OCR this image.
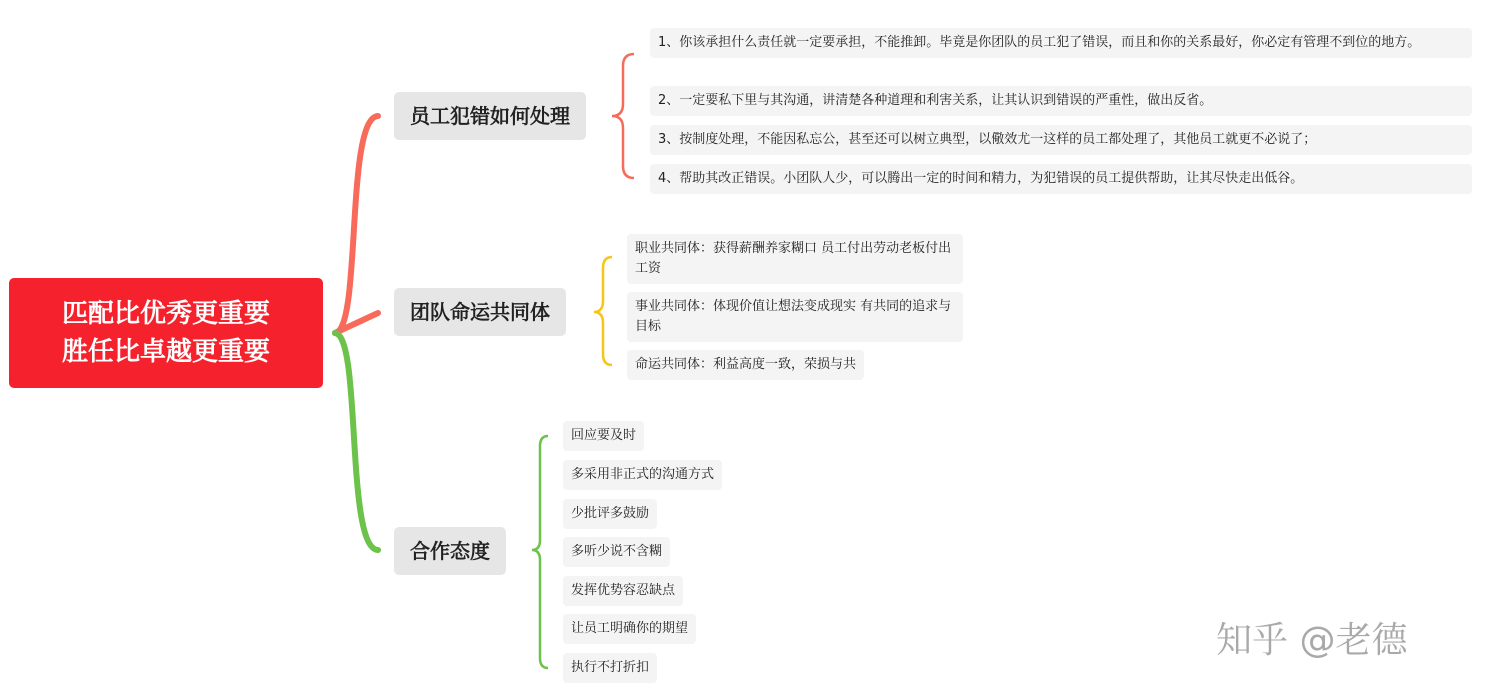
匹配比优秀更重要
胜任比卓越更重要
员工犯错如何处理
团队命运共同体
合作态度
1、你该承担什么责任就一定要承担，不能推卸。毕竟是你团队的员工犯了错误，而且和你的关系最好，你必定有管理不到位的地方。
2、一定要私下里与其沟通，讲清楚各种道理和利害关系，让其认识到错误的严重性，做出反省。
3、按制度处理，不能因私忘公，甚至还可以树立典型，以儆效尤一这样的员工都处理了，其他员工就更不必说了；
4、帮助其改正错误。小团队人少，可以腾出一定的时间和精力，为犯错误的员工提供帮助，让其尽快走出低谷。
职业共同体：获得薪酬养家糊口 员工付出劳动老板付出工资
事业共同体：体现价值让想法变成现实 有共同的追求与目标
命运共同体：利益高度一致，荣损与共
回应要及时
多采用非正式的沟通方式
少批评多鼓励
多听少说不含糊
发挥优势容忍缺点
让员工明确你的期望
执行不打折扣
知乎 @老德
